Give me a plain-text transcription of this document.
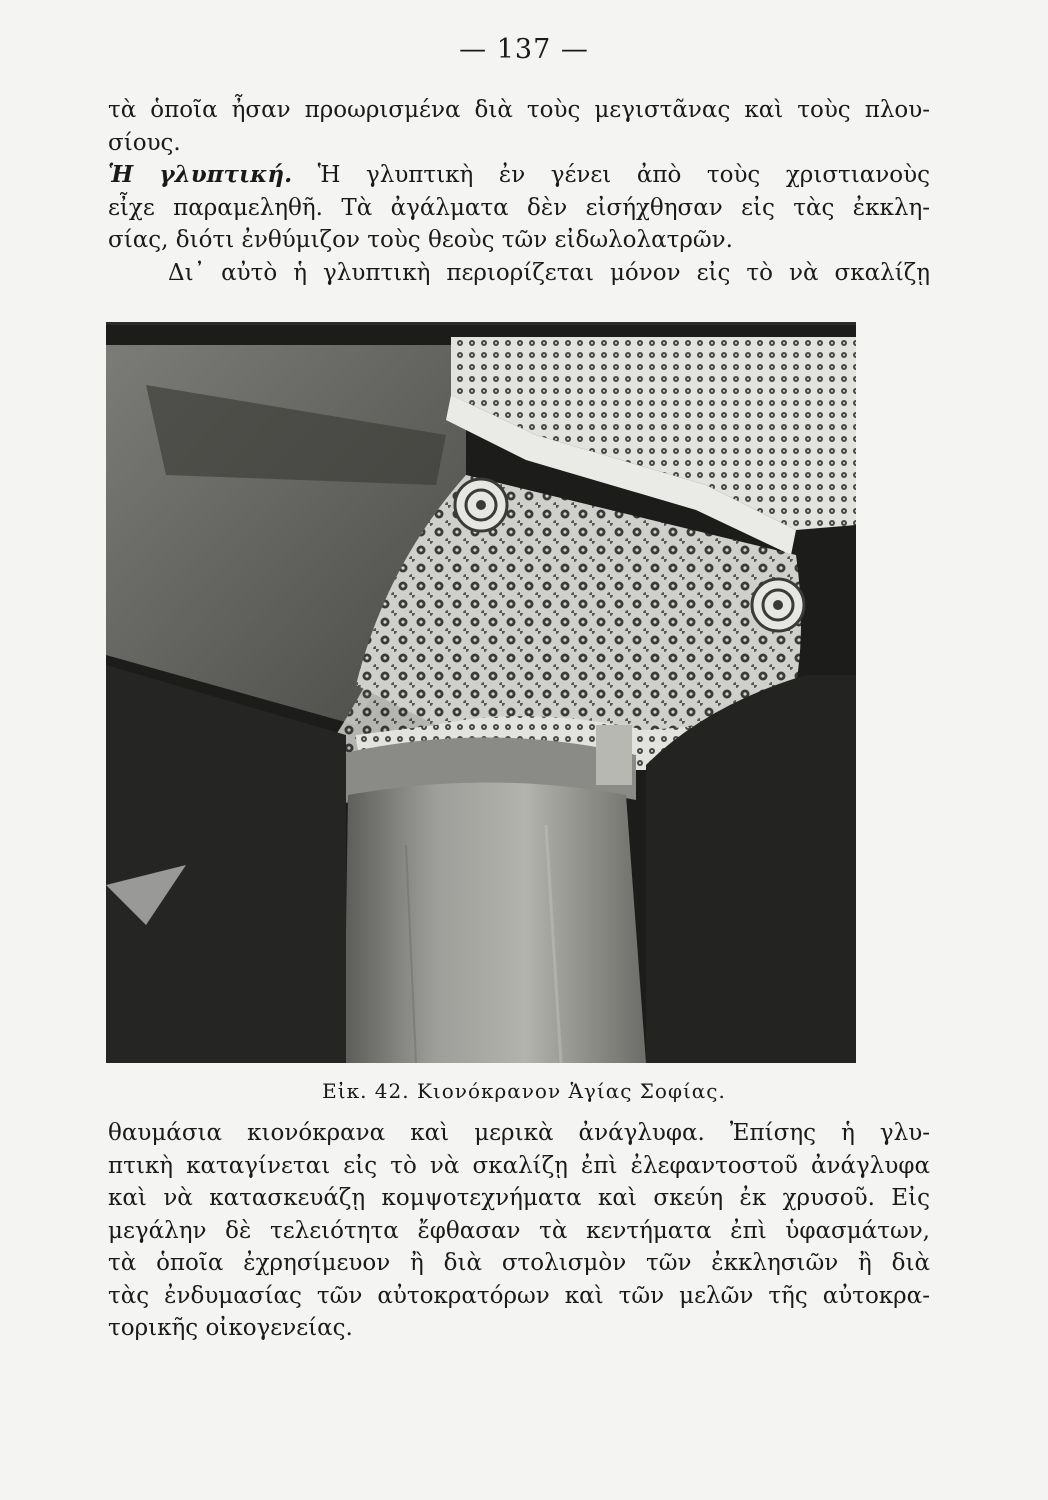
— 137 —
τὰ ὁποῖα ἦσαν προωρισμένα διὰ τοὺς μεγιστᾶνας καὶ τοὺς πλου-
σίους.
Ἡ γλυπτική. Ἡ γλυπτικὴ ἐν γένει ἀπὸ τοὺς χριστιανοὺς
εἶχε παραμεληθῆ. Τὰ ἀγάλματα δὲν εἰσήχθησαν εἰς τὰς ἐκκλη-
σίας, διότι ἐνθύμιζον τοὺς θεοὺς τῶν εἰδωλολατρῶν.
Δι᾽ αὐτὸ ἡ γλυπτικὴ περιορίζεται μόνον εἰς τὸ νὰ σκαλίζῃ
Εἰκ. 42. Κιονόκρανον Ἁγίας Σοφίας.
θαυμάσια κιονόκρανα καὶ μερικὰ ἀνάγλυφα. Ἐπίσης ἡ γλυ-
πτικὴ καταγίνεται εἰς τὸ νὰ σκαλίζῃ ἐπὶ ἐλεφαντοστοῦ ἀνάγλυφα
καὶ νὰ κατασκευάζῃ κομψοτεχνήματα καὶ σκεύη ἐκ χρυσοῦ. Εἰς
μεγάλην δὲ τελειότητα ἔφθασαν τὰ κεντήματα ἐπὶ ὑφασμάτων,
τὰ ὁποῖα ἐχρησίμευον ἢ διὰ στολισμὸν τῶν ἐκκλησιῶν ἢ διὰ
τὰς ἐνδυμασίας τῶν αὐτοκρατόρων καὶ τῶν μελῶν τῆς αὐτοκρα-
τορικῆς οἰκογενείας.
